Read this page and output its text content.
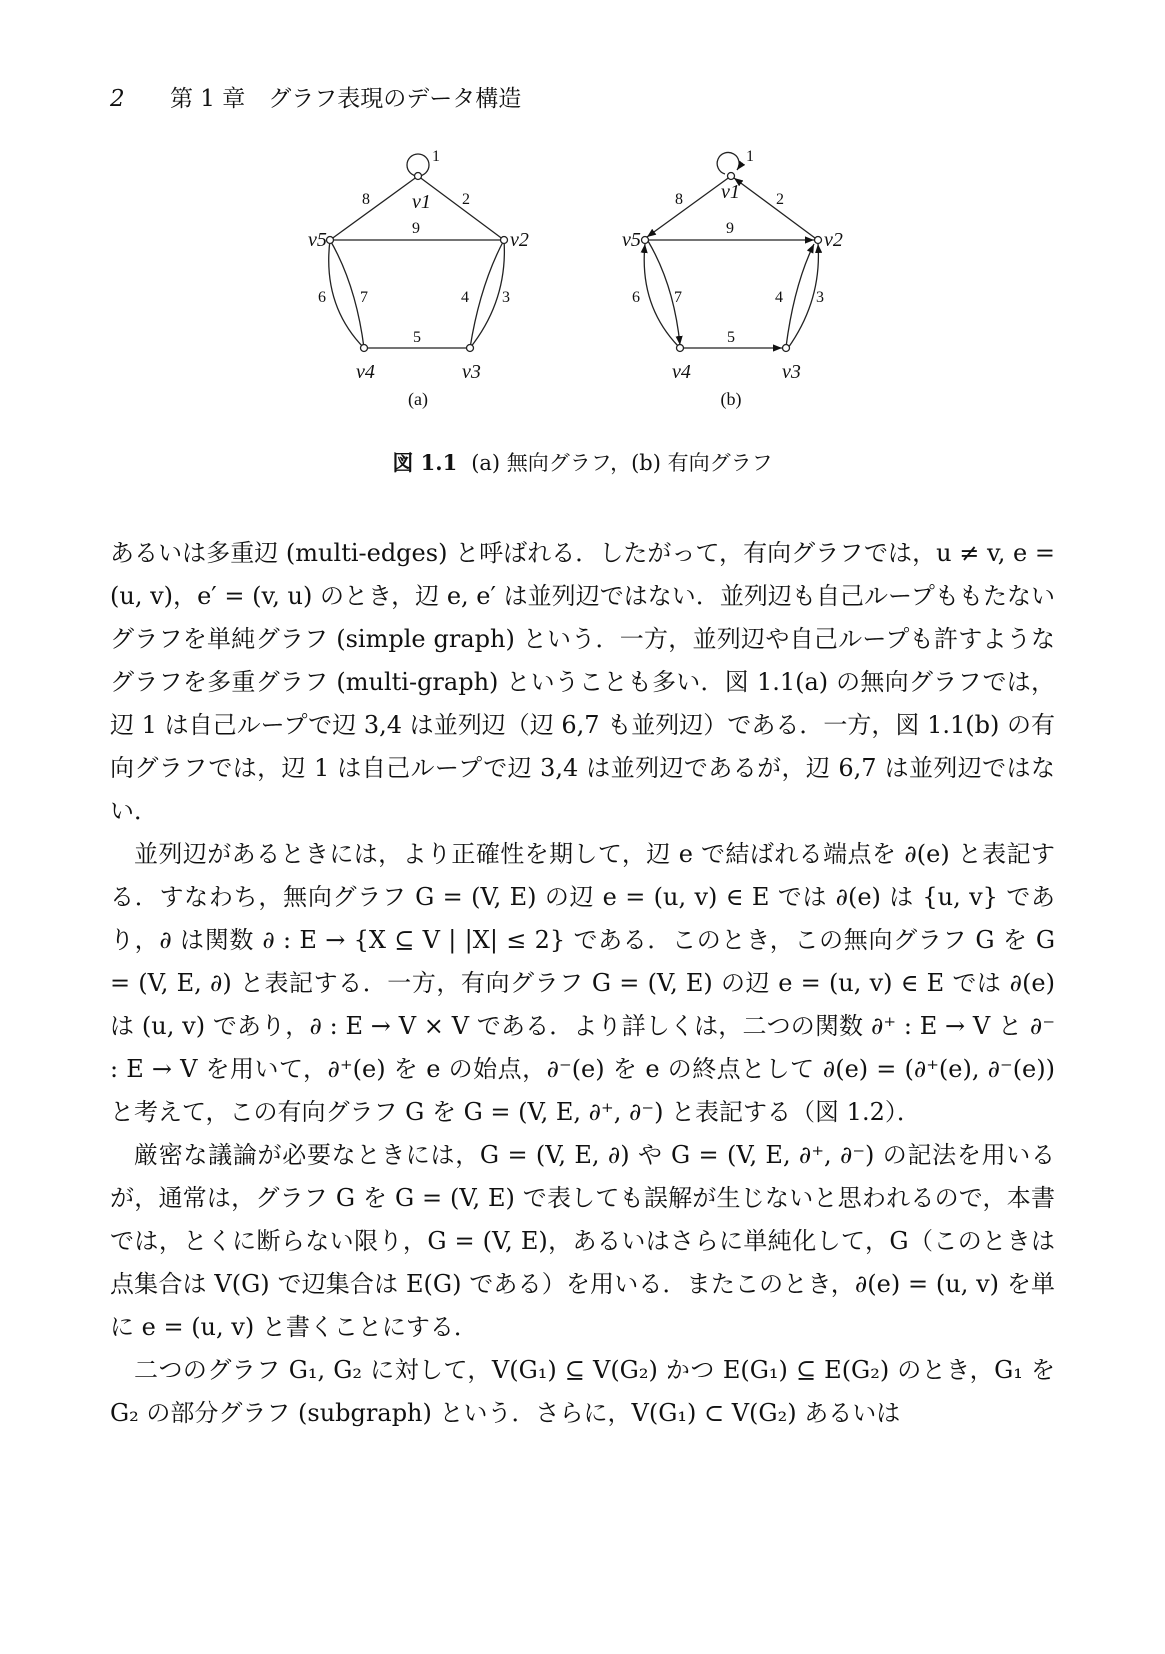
2 第 1 章　グラフ表現のデータ構造
1
2
3
4
5
6 7
8
9
v1
v2
v3
v4
v5
(a)
1
2
3
4
5
6 7
8
9
v1
v2
v3
v4
v5
(b)
図 1.1 (a) 無向グラフ，(b) 有向グラフ

あるいは多重辺 (multi-edges) と呼ばれる．したがって，有向グラフでは，u ≠ v, e = (u, v)，e′ = (v, u) のとき，辺 e, e′ は並列辺ではない．並列辺も自己ループももたないグラフを単純グラフ (simple graph) という．一方，並列辺や自己ループも許すようなグラフを多重グラフ (multi-graph) ということも多い．図 1.1(a) の無向グラフでは，辺 1 は自己ループで辺 3,4 は並列辺（辺 6,7 も並列辺）である．一方，図 1.1(b) の有向グラフでは，辺 1 は自己ループで辺 3,4 は並列辺であるが，辺 6,7 は並列辺ではない．

並列辺があるときには，より正確性を期して，辺 e で結ばれる端点を ∂(e) と表記する．すなわち，無向グラフ G = (V, E) の辺 e = (u, v) ∈ E では ∂(e) は {u, v} であり，∂ は関数 ∂ : E → {X ⊆ V | |X| ≤ 2} である．このとき，この無向グラフ G を G = (V, E, ∂) と表記する．一方，有向グラフ G = (V, E) の辺 e = (u, v) ∈ E では ∂(e) は (u, v) であり，∂ : E → V × V である．より詳しくは，二つの関数 ∂⁺ : E → V と ∂⁻ : E → V を用いて，∂⁺(e) を e の始点，∂⁻(e) を e の終点として ∂(e) = (∂⁺(e), ∂⁻(e)) と考えて，この有向グラフ G を G = (V, E, ∂⁺, ∂⁻) と表記する（図 1.2）．

厳密な議論が必要なときには，G = (V, E, ∂) や G = (V, E, ∂⁺, ∂⁻) の記法を用いるが，通常は，グラフ G を G = (V, E) で表しても誤解が生じないと思われるので，本書では，とくに断らない限り，G = (V, E)，あるいはさらに単純化して，G（このときは点集合は V(G) で辺集合は E(G) である）を用いる．またこのとき，∂(e) = (u, v) を単に e = (u, v) と書くことにする．

二つのグラフ G₁, G₂ に対して，V(G₁) ⊆ V(G₂) かつ E(G₁) ⊆ E(G₂) のとき，G₁ を G₂ の部分グラフ (subgraph) という．さらに，V(G₁) ⊂ V(G₂) あるいは
